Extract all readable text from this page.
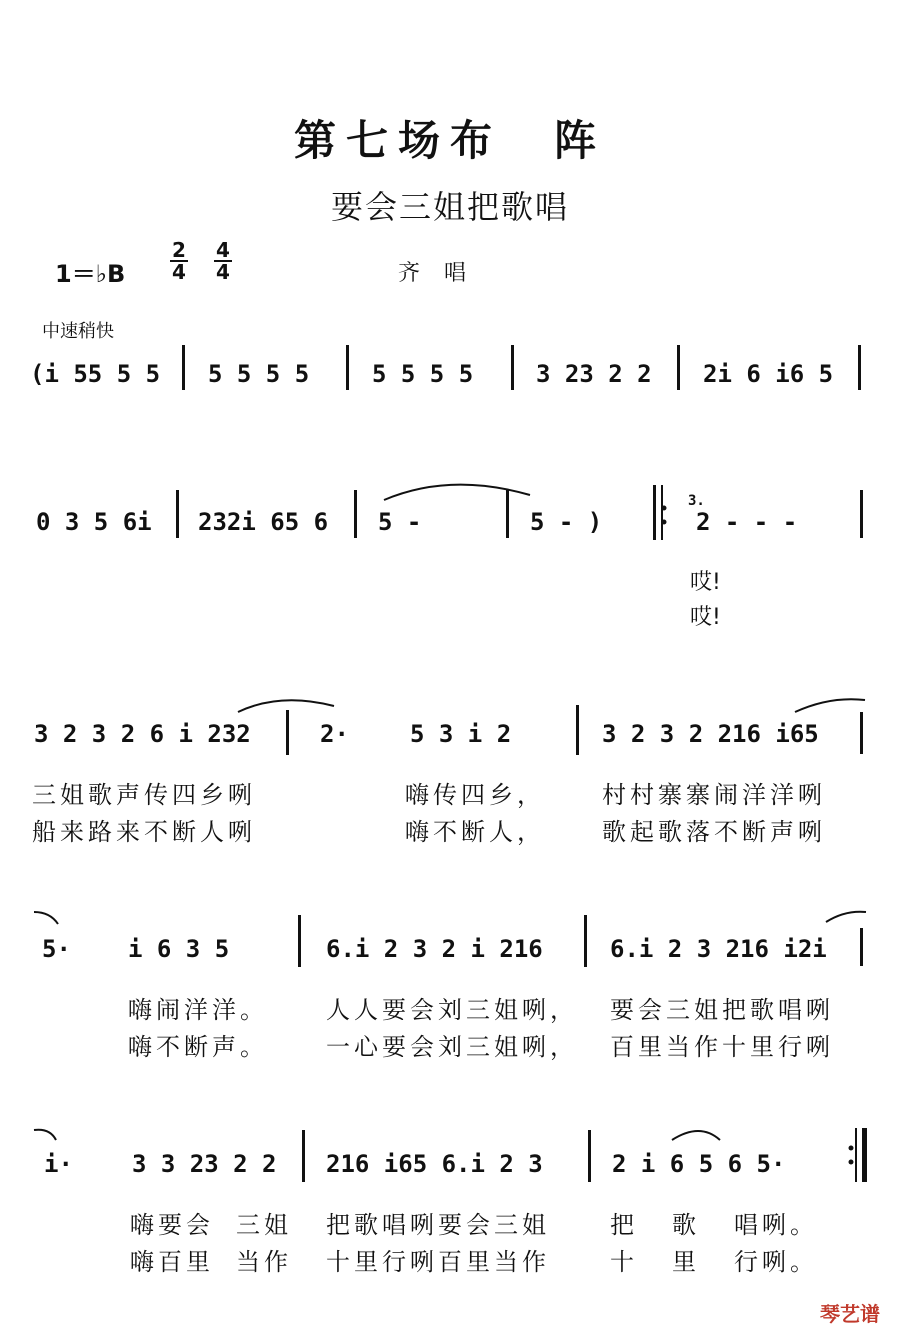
第七场布　阵
要会三姐把歌唱
1＝♭B
2
4
4
4	齐唱
中速稍快
(i 55 5 5 5 5 5 5	5 5 5 5	3 23 2 2 2i 6 i6 5
0 3 5 6i 232i 65 6 5 -	5 - )
3.
2 - - -
哎!
哎!
3 2 3 2 6 i 232	2·	5 3 i 2	3 2 3 2 216 i65
三姐歌声传四乡咧	嗨传四乡， 村村寨寨闹洋洋咧
船来路来不断人咧	嗨不断人， 歌起歌落不断声咧
5· i 6 3 5	6.i 2 3 2 i 216	6.i 2 3 216 i2i
嗨闹洋洋。 人人要会刘三姐咧， 要会三姐把歌唱咧
嗨不断声。 一心要会刘三姐咧， 百里当作十里行咧
i· 3 3 23 2 2 216 i65 6.i 2 3	2 i 6 5 6 5·
嗨要会 三姐 把歌唱咧要会三姐	把 歌 唱咧。
嗨百里 当作 十里行咧百里当作	十 里 行咧。
琴艺谱
